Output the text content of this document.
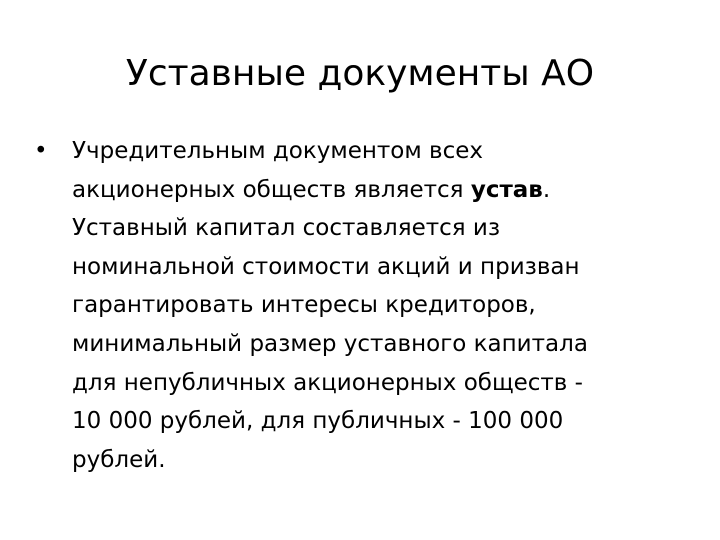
Уставные документы АО
•	Учредительным документом всех
акционерных обществ является устав.
Уставный капитал составляется из
номинальной стоимости акций и призван
гарантировать интересы кредиторов,
минимальный размер уставного капитала
для непубличных акционерных обществ -
10 000 рублей, для публичных - 100 000
рублей.
